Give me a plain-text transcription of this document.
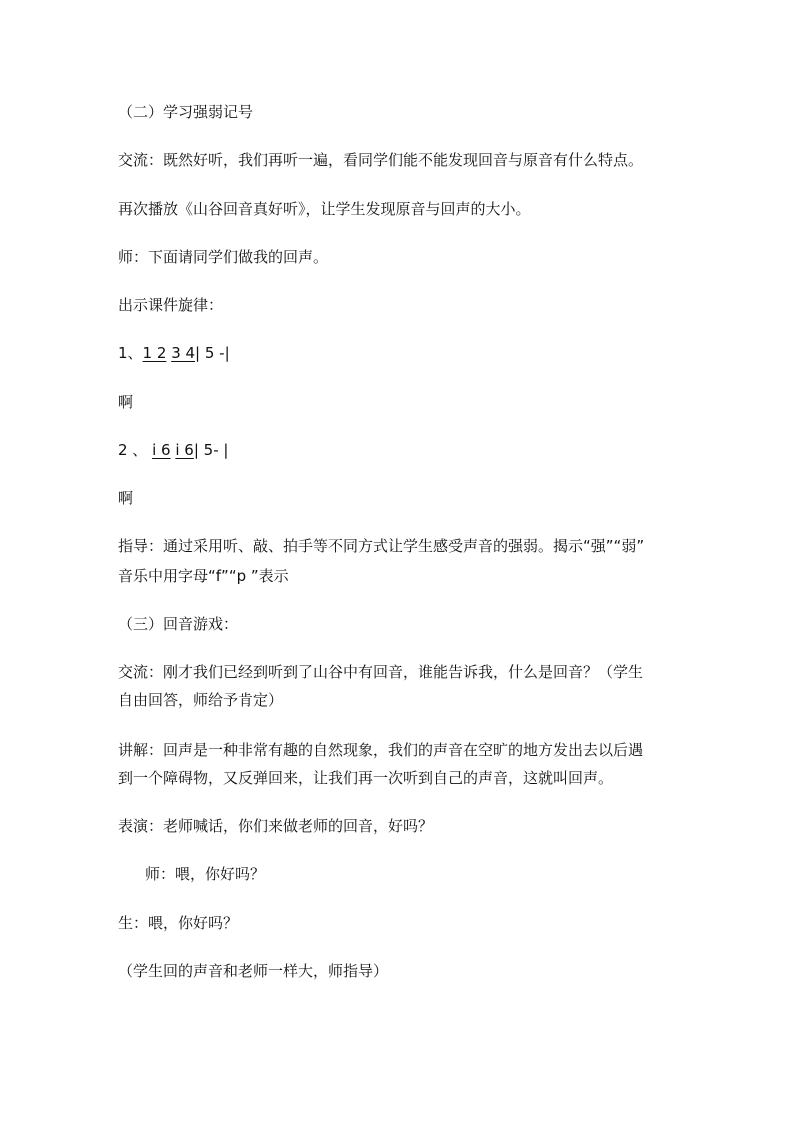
（二）学习强弱记号
交流：既然好听，我们再听一遍，看同学们能不能发现回音与原音有什么特点。
再次播放《山谷回音真好听》，让学生发现原音与回声的大小。
师：下面请同学们做我的回声。
出示课件旋律：
1、1 2 3 4| 5 -|
啊
2 、 i 6 i 6| 5- |
啊
指导：通过采用听、敲、拍手等不同方式让学生感受声音的强弱。揭示“强”“弱”
音乐中用字母“f”“p ”表示
（三）回音游戏：
交流：刚才我们已经到听到了山谷中有回音，谁能告诉我，什么是回音？（学生
自由回答，师给予肯定）
讲解：回声是一种非常有趣的自然现象，我们的声音在空旷的地方发出去以后遇
到一个障碍物，又反弹回来，让我们再一次听到自己的声音，这就叫回声。
表演：老师喊话，你们来做老师的回音，好吗？
师：喂，你好吗？
生：喂，你好吗？
（学生回的声音和老师一样大，师指导）
